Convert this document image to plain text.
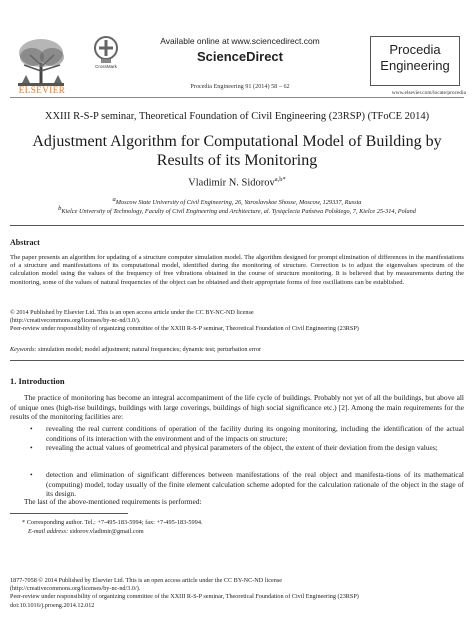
ELSEVIER
CrossMark
Available online at www.sciencedirect.com
ScienceDirect
Procedia Engineering 91 (2014) 58 – 62
Procedia
Engineering
www.elsevier.com/locate/procedia
XXIII R-S-P seminar, Theoretical Foundation of Civil Engineering (23RSP) (TFoCE 2014)
Adjustment Algorithm for Computational Model of Building by Results of its Monitoring
Vladimir N. Sidorov$^{a,b*}$
aMoscow State University of Civil Engineering, 26, Yaroslavskoe Shosse, Moscow, 129337, Russia
bKielce University of Technology, Faculty of Civil Engineering and Architecture, al. Tysiąclecia Państwa Polskiego, 7, Kielce 25-314, Poland
Abstract
The paper presents an algorithm for updating of a structure computer simulation model. The algorithm designed for prompt elimination of differences in the manifestations of a structure and manifestations of its computational model, identified during the monitoring of structure. Correction is to adjust the eigenvalues spectrum of the calculation model using the values of the frequency of free vibrations obtained in the course of structure monitoring. It is believed that by measurements during the monitoring, some of the values of natural frequencies of the object can be obtained and their appropriate forms of free oscillations can be established.
© 2014 Published by Elsevier Ltd. This is an open access article under the CC BY-NC-ND license
(http://creativecommons.org/licenses/by-nc-nd/3.0/).
Peer-review under responsibility of organizing committee of the XXIII R-S-P seminar, Theoretical Foundation of Civil Engineering (23RSP)
Keywords: simulation model; model adjustment; natural frequencies; dynamic test; perturbation error
1. Introduction
The practice of monitoring has become an integral accompaniment of the life cycle of buildings. Probably not yet of all the buildings, but above all of unique ones (high-rise buildings, buildings with large coverings, buildings of high social significance etc.) [2]. Among the main requirements for the results of the monitoring facilities are:
• revealing the real current conditions of operation of the facility during its ongoing monitoring, including the identification of the actual conditions of its interaction with the environment and of the impacts on structure;
• revealing the actual values of geometrical and physical parameters of the object, the extent of their deviation from the design values;
• detection and elimination of significant differences between manifestations of the real object and manifesta-tions of its mathematical (computing) model, today usually of the finite element calculation scheme adopted for the calculation rationale of the object in the stage of its design.
The last of the above-mentioned requirements is performed:
* Corresponding author. Tel.: +7-495-183-5994; fax: +7-495-183-5994.
E-mail address: sidorov.vladimir@gmail.com
1877-7058 © 2014 Published by Elsevier Ltd. This is an open access article under the CC BY-NC-ND license
(http://creativecommons.org/licenses/by-nc-nd/3.0/).
Peer-review under responsibility of organizing committee of the XXIII R-S-P seminar, Theoretical Foundation of Civil Engineering (23RSP)
doi:10.1016/j.proeng.2014.12.012
